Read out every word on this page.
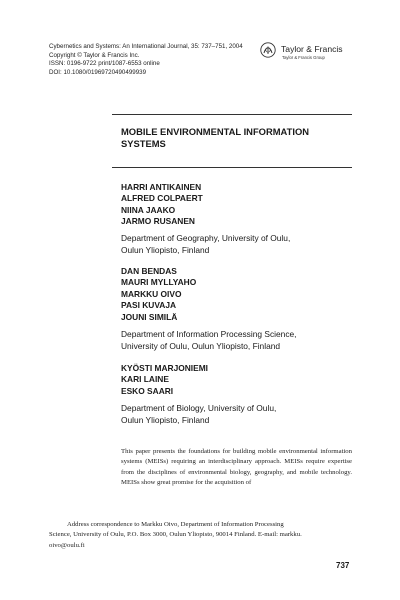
Cybernetics and Systems: An International Journal, 35: 737–751, 2004
Copyright © Taylor & Francis Inc.
ISSN: 0196-9722 print/1087-6553 online
DOI: 10.1080/01969720490499939
Taylor & Francis
Taylor & Francis Group
MOBILE ENVIRONMENTAL INFORMATION
SYSTEMS
HARRI ANTIKAINEN
ALFRED COLPAERT
NIINA JAAKO
JARMO RUSANEN
Department of Geography, University of Oulu,
Oulun Yliopisto, Finland
DAN BENDAS
MAURI MYLLYAHO
MARKKU OIVO
PASI KUVAJA
JOUNI SIMILÄ
Department of Information Processing Science,
University of Oulu, Oulun Yliopisto, Finland
KYÖSTI MARJONIEMI
KARI LAINE
ESKO SAARI
Department of Biology, University of Oulu,
Oulun Yliopisto, Finland
This paper presents the foundations for building mobile environmental information systems (MEISs) requiring an interdisciplinary approach. MEISs require expertise from the disciplines of environmental biology, geography, and mobile technology. MEISs show great promise for the acquisition of
Address correspondence to Markku Oivo, Department of Information Processing
Science, University of Oulu, P.O. Box 3000, Oulun Yliopisto, 90014 Finland. E-mail: markku.
oivo@oulu.fi
737
